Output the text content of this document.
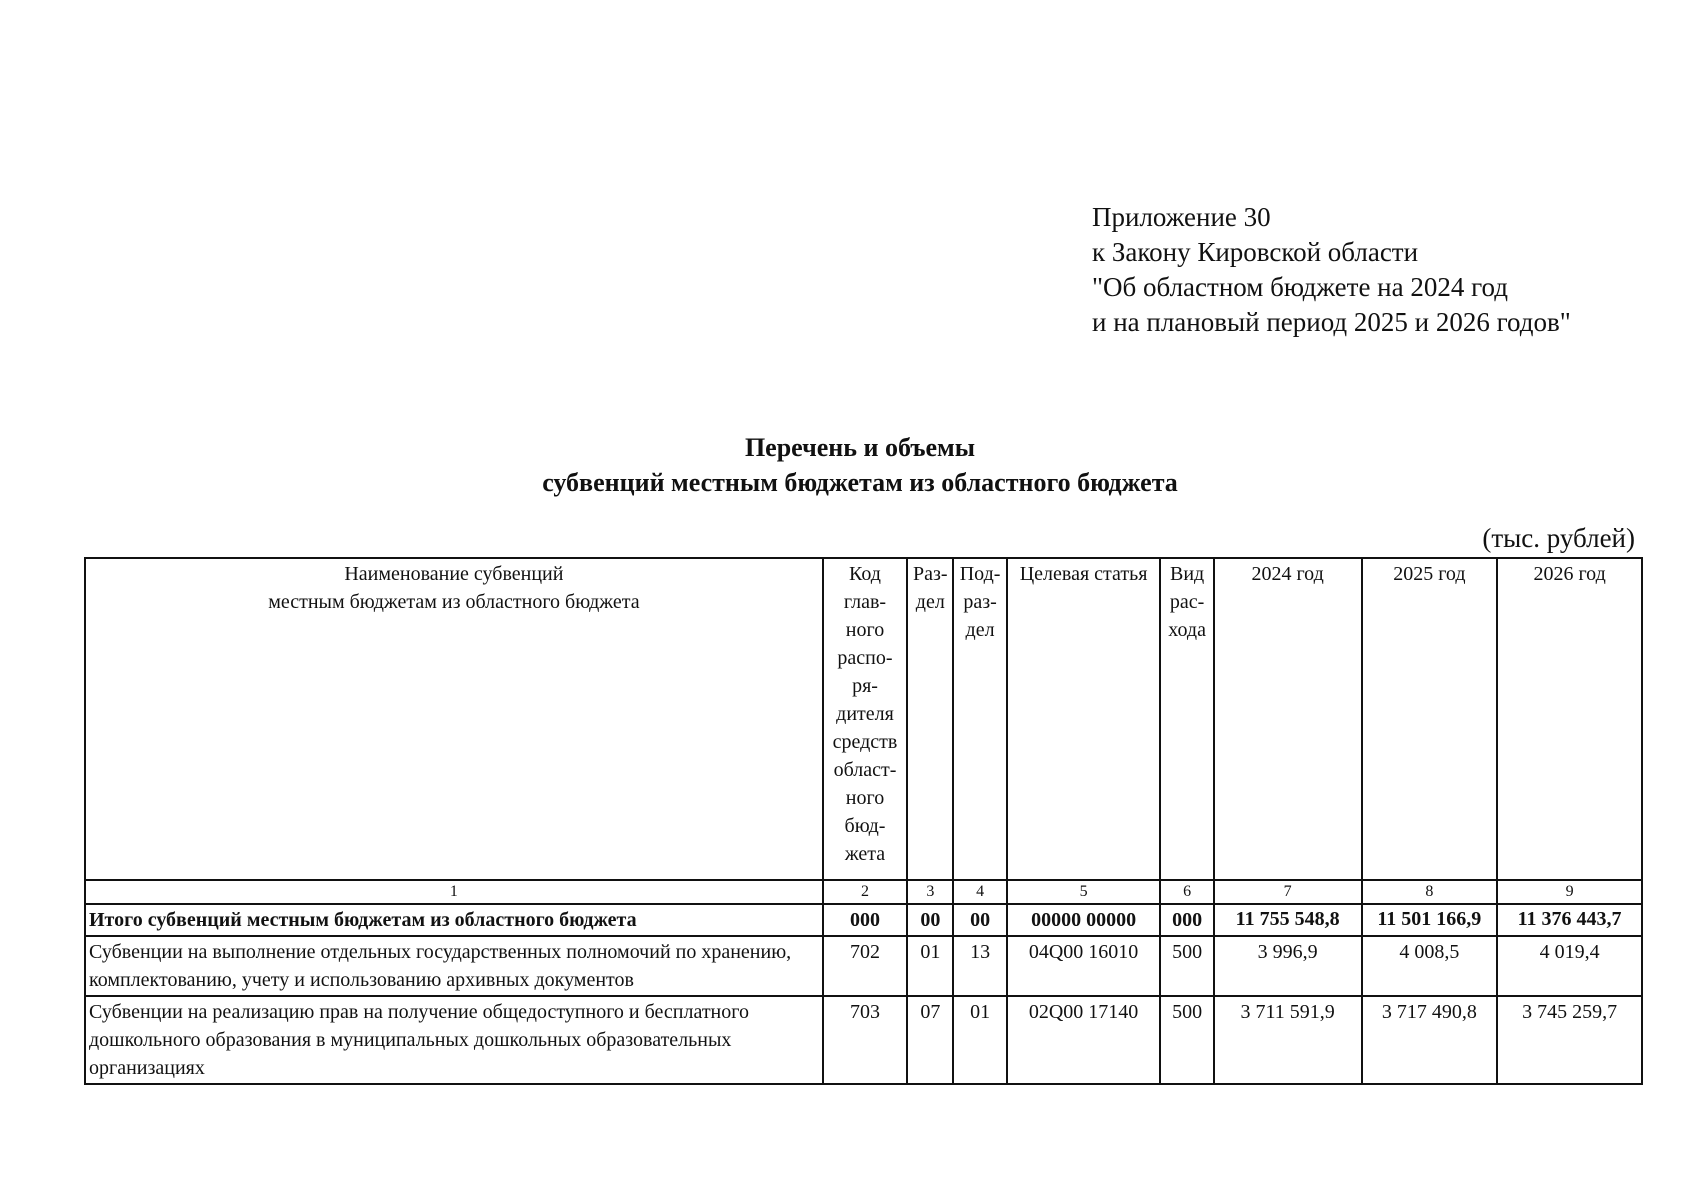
Приложение 30
к Закону Кировской области
"Об областном бюджете на 2024 год
и на плановый период 2025 и 2026 годов"
Перечень и объемы
субвенций местным бюджетам из областного бюджета
(тыс. рублей)
Наименование субвенций
местным бюджетам из областного бюджета	Код глав-ного распо-ря-дителя средств област-ного бюд-жета	Раз-дел	Под-раз-дел	Целевая статья	Вид рас-хода	2024 год	2025 год	2026 год
1	2	3	4	5	6	7	8	9
Итого субвенций местным бюджетам из областного бюджета	000	00	00	00000 00000	000	11 755 548,8	11 501 166,9	11 376 443,7
Субвенции на выполнение отдельных государственных полномочий по хранению, комплектованию, учету и использованию архивных документов	702	01	13	04Q00 16010	500	3 996,9	4 008,5	4 019,4
Субвенции на реализацию прав на получение общедоступного и бесплатного дошкольного образования в муниципальных дошкольных образовательных организациях	703	07	01	02Q00 17140	500	3 711 591,9	3 717 490,8	3 745 259,7
